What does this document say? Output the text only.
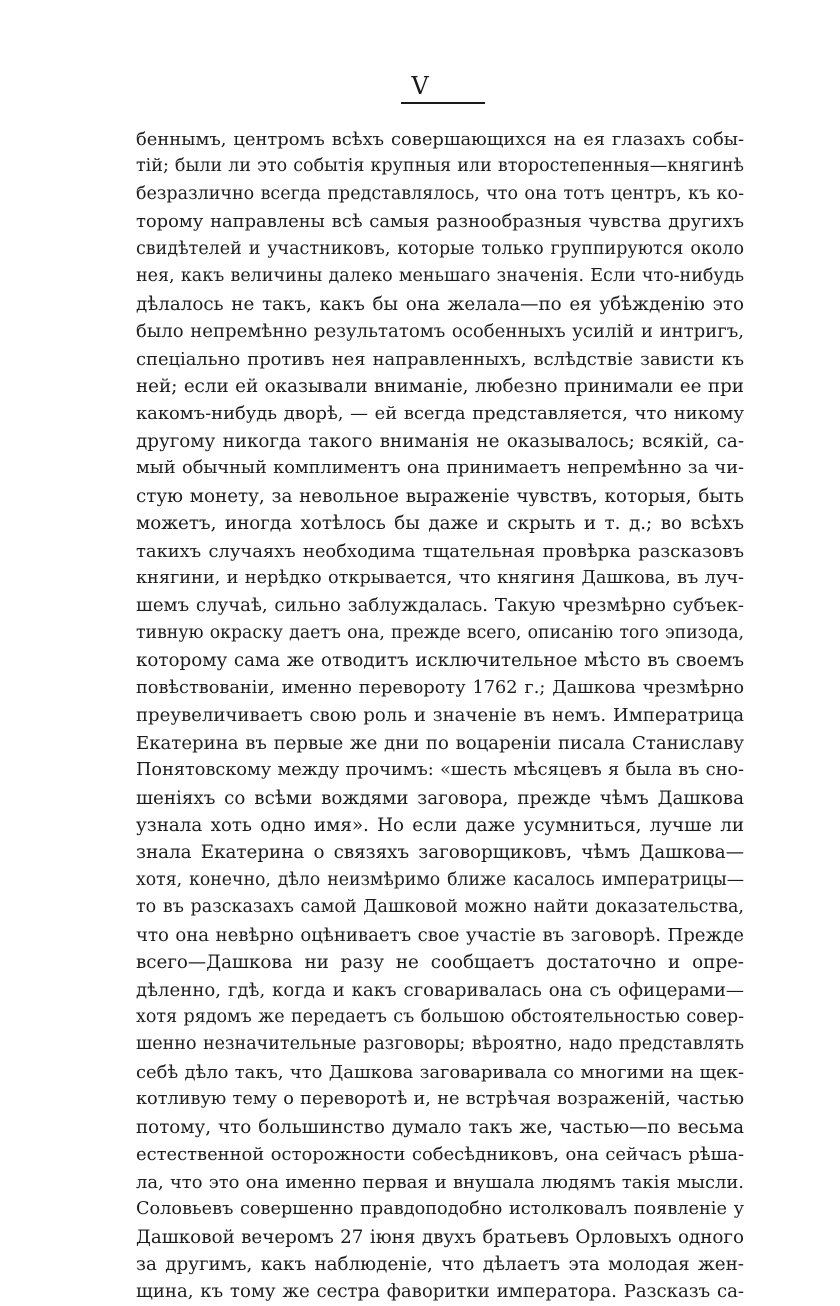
V
беннымъ, центромъ всѣхъ совершающихся на ея глазахъ собы-
тій; были ли это событія крупныя или второстепенныя—княгинѣ
безразлично всегда представлялось, что она тотъ центръ, къ ко-
торому направлены всѣ самыя разнообразныя чувства другихъ
свидѣтелей и участниковъ, которые только группируются около
нея, какъ величины далеко меньшаго значенія. Если что-нибудь
дѣлалось не такъ, какъ бы она желала—по ея убѣжденію это
было непремѣнно результатомъ особенныхъ усилій и интригъ,
спеціально противъ нея направленныхъ, вслѣдствіе зависти къ
ней; если ей оказывали вниманіе, любезно принимали ее при
какомъ-нибудь дворѣ, — ей всегда представляется, что никому
другому никогда такого вниманія не оказывалось; всякій, са-
мый обычный комплиментъ она принимаетъ непремѣнно за чи-
стую монету, за невольное выраженіе чувствъ, которыя, быть
можетъ, иногда хотѣлось бы даже и скрыть и т. д.; во всѣхъ
такихъ случаяхъ необходима тщательная провѣрка разсказовъ
княгини, и нерѣдко открывается, что княгиня Дашкова, въ луч-
шемъ случаѣ, сильно заблуждалась. Такую чрезмѣрно субъек-
тивную окраску даетъ она, прежде всего, описанію того эпизода,
которому сама же отводитъ исключительное мѣсто въ своемъ
повѣствованіи, именно перевороту 1762 г.; Дашкова чрезмѣрно
преувеличиваетъ свою роль и значеніе въ немъ. Императрица
Екатерина въ первые же дни по воцареніи писала Станиславу
Понятовскому между прочимъ: «шесть мѣсяцевъ я была въ сно-
шеніяхъ со всѣми вождями заговора, прежде чѣмъ Дашкова
узнала хоть одно имя». Но если даже усумниться, лучше ли
знала Екатерина о связяхъ заговорщиковъ, чѣмъ Дашкова—
хотя, конечно, дѣло неизмѣримо ближе касалось императрицы—
то въ разсказахъ самой Дашковой можно найти доказательства,
что она невѣрно оцѣниваетъ свое участіе въ заговорѣ. Прежде
всего—Дашкова ни разу не сообщаетъ достаточно и опре-
дѣленно, гдѣ, когда и какъ сговаривалась она съ офицерами—
хотя рядомъ же передаетъ съ большою обстоятельностью совер-
шенно незначительные разговоры; вѣроятно, надо представлять
себѣ дѣло такъ, что Дашкова заговаривала со многими на щек-
котливую тему о переворотѣ и, не встрѣчая возраженій, частью
потому, что большинство думало такъ же, частью—по весьма
естественной осторожности собесѣдниковъ, она сейчасъ рѣша-
ла, что это она именно первая и внушала людямъ такія мысли.
Соловьевъ совершенно правдоподобно истолковалъ появленіе у
Дашковой вечеромъ 27 іюня двухъ братьевъ Орловыхъ одного
за другимъ, какъ наблюденіе, что дѣлаетъ эта молодая жен-
щина, къ тому же сестра фаворитки императора. Разсказъ са-
